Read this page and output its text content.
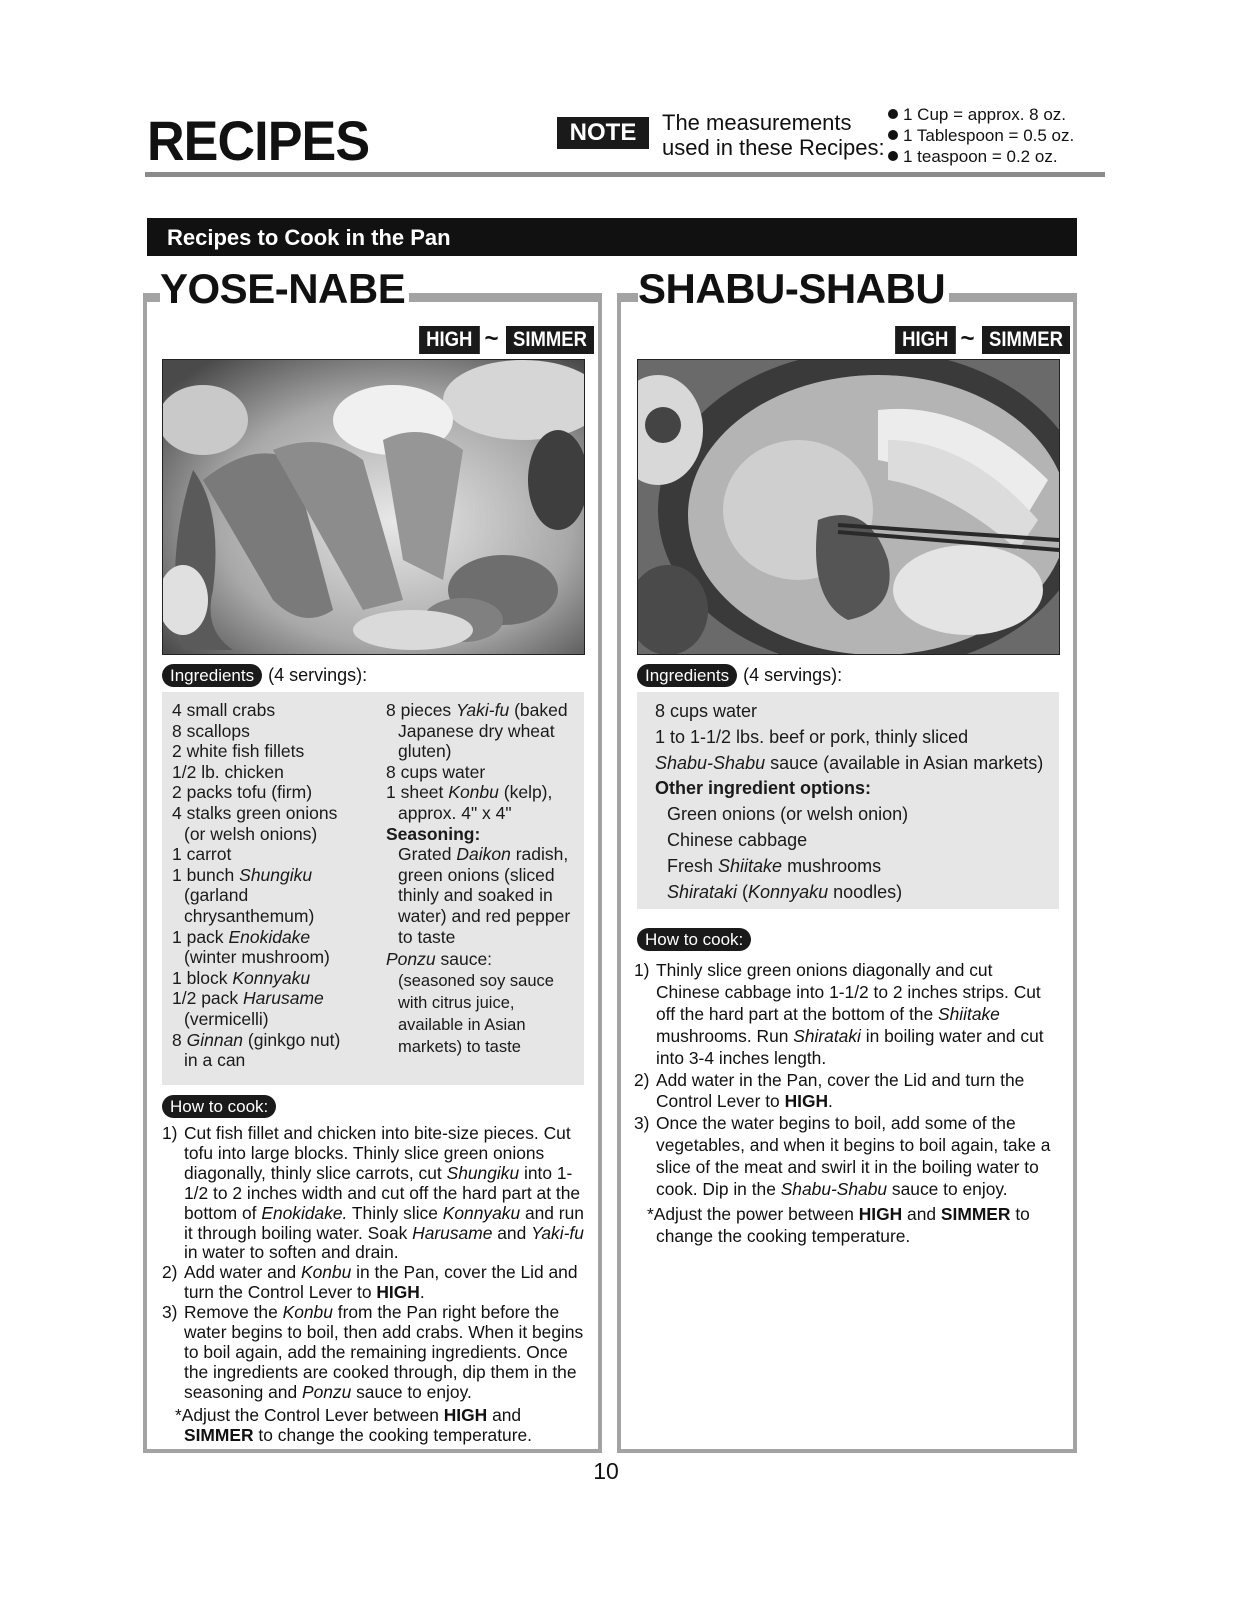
RECIPES	NOTE	The measurements
used in these Recipes:
1 Cup = approx. 8 oz.
1 Tablespoon = 0.5 oz.
1 teaspoon = 0.2 oz.
Recipes to Cook in the Pan
YOSE-NABE	SHABU-SHABU
HIGH ~ SIMMER	HIGH ~ SIMMER
Ingredients (4 servings):	Ingredients (4 servings):
4 small crabs
8 scallops
2 white fish fillets
1/2 lb. chicken
2 packs tofu (firm)
4 stalks green onions
(or welsh onions)
1 carrot
1 bunch Shungiku
(garland
chrysanthemum)
1 pack Enokidake
(winter mushroom)
1 block Konnyaku
1/2 pack Harusame
(vermicelli)
8 Ginnan (ginkgo nut)
in a can
8 pieces Yaki-fu (baked
Japanese dry wheat
gluten)
8 cups water
1 sheet Konbu (kelp),
approx. 4" x 4"
Seasoning:
Grated Daikon radish,
green onions (sliced
thinly and soaked in
water) and red pepper
to taste
Ponzu sauce:
(seasoned soy sauce
with citrus juice,
available in Asian
markets) to taste
8 cups water
1 to 1-1/2 lbs. beef or pork, thinly sliced
Shabu-Shabu sauce (available in Asian markets)
Other ingredient options:
Green onions (or welsh onion)
Chinese cabbage
Fresh Shiitake mushrooms
Shirataki (Konnyaku noodles)
How to cook:
1) Cut fish fillet and chicken into bite-size pieces. Cut tofu into large blocks. Thinly slice green onions diagonally, thinly slice carrots, cut Shungiku into 1-1/2 to 2 inches width and cut off the hard part at the bottom of Enokidake. Thinly slice Konnyaku and run it through boiling water. Soak Harusame and Yaki-fu in water to soften and drain.
2) Add water and Konbu in the Pan, cover the Lid and turn the Control Lever to HIGH.
3) Remove the Konbu from the Pan right before the water begins to boil, then add crabs. When it begins to boil again, add the remaining ingredients. Once the ingredients are cooked through, dip them in the seasoning and Ponzu sauce to enjoy.
*Adjust the Control Lever between HIGH and SIMMER to change the cooking temperature.
How to cook:
1) Thinly slice green onions diagonally and cut Chinese cabbage into 1-1/2 to 2 inches strips. Cut off the hard part at the bottom of the Shiitake mushrooms. Run Shirataki in boiling water and cut into 3-4 inches length.
2) Add water in the Pan, cover the Lid and turn the Control Lever to HIGH.
3) Once the water begins to boil, add some of the vegetables, and when it begins to boil again, take a slice of the meat and swirl it in the boiling water to cook. Dip in the Shabu-Shabu sauce to enjoy.
*Adjust the power between HIGH and SIMMER to change the cooking temperature.
10
